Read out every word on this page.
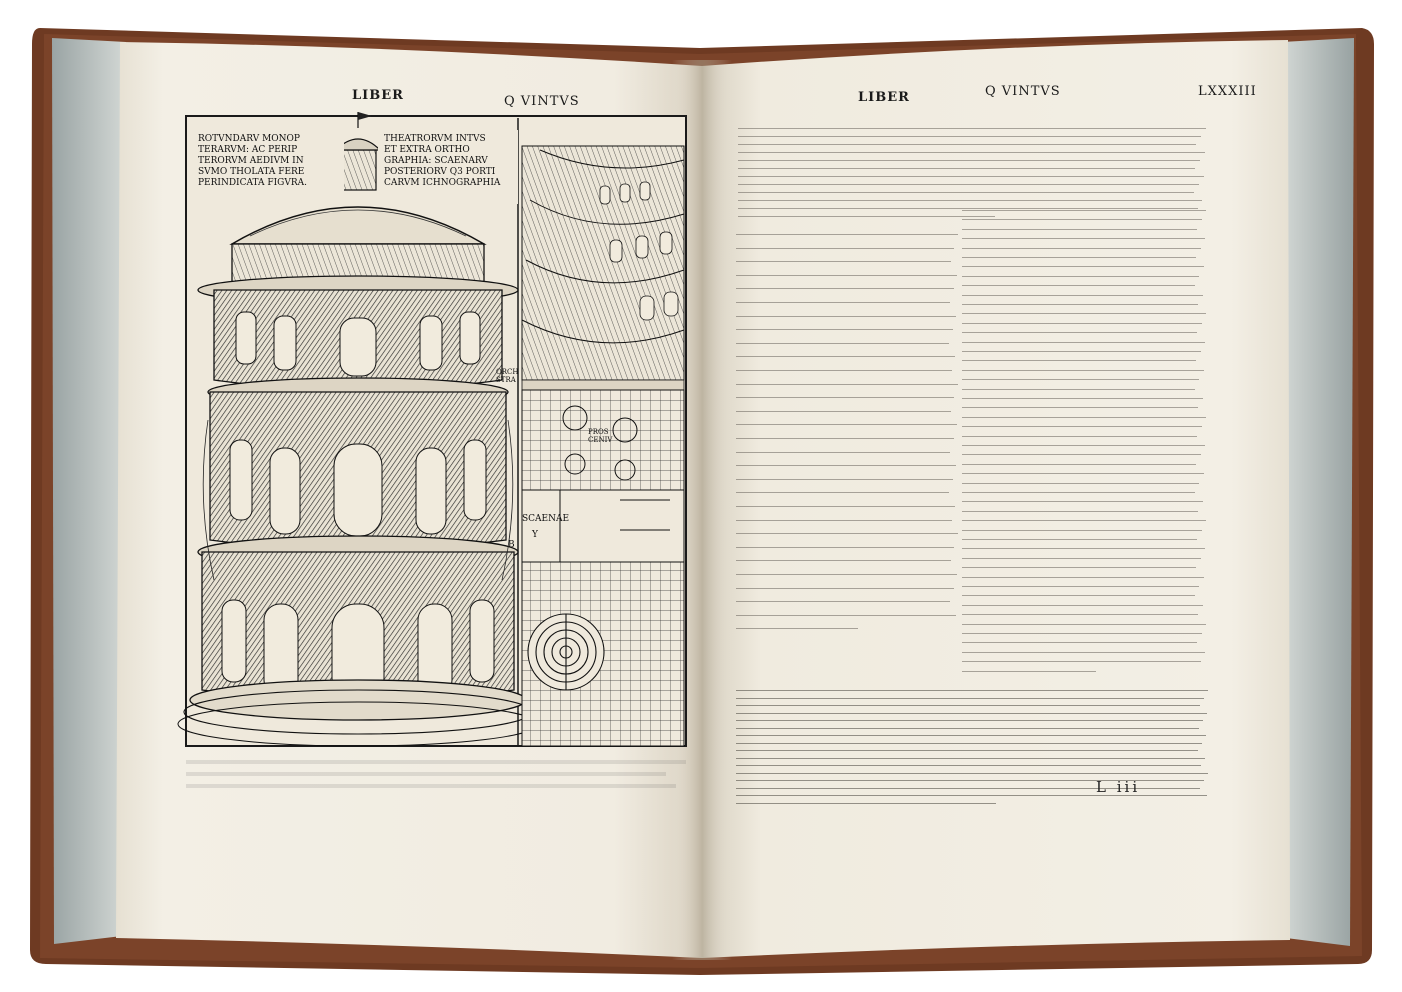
LIBER	Q VINTVS	LIBER	Q VINTVS	LXXXIII
ROTVNDARV MONOP
TERARVM: AC PERIP
TERORVM AEDIVM IN
SVMO THOLATA FERE
PERINDICATA FIGVRA.
THEATRORVM INTVS
ET EXTRA ORTHO
GRAPHIA: SCAENARV
POSTERIORV Q3 PORTI
CARVM ICHNOGRAPHIA
SCAENAE
Y
B
ORCH STRA
PROS CENIV
L iii
